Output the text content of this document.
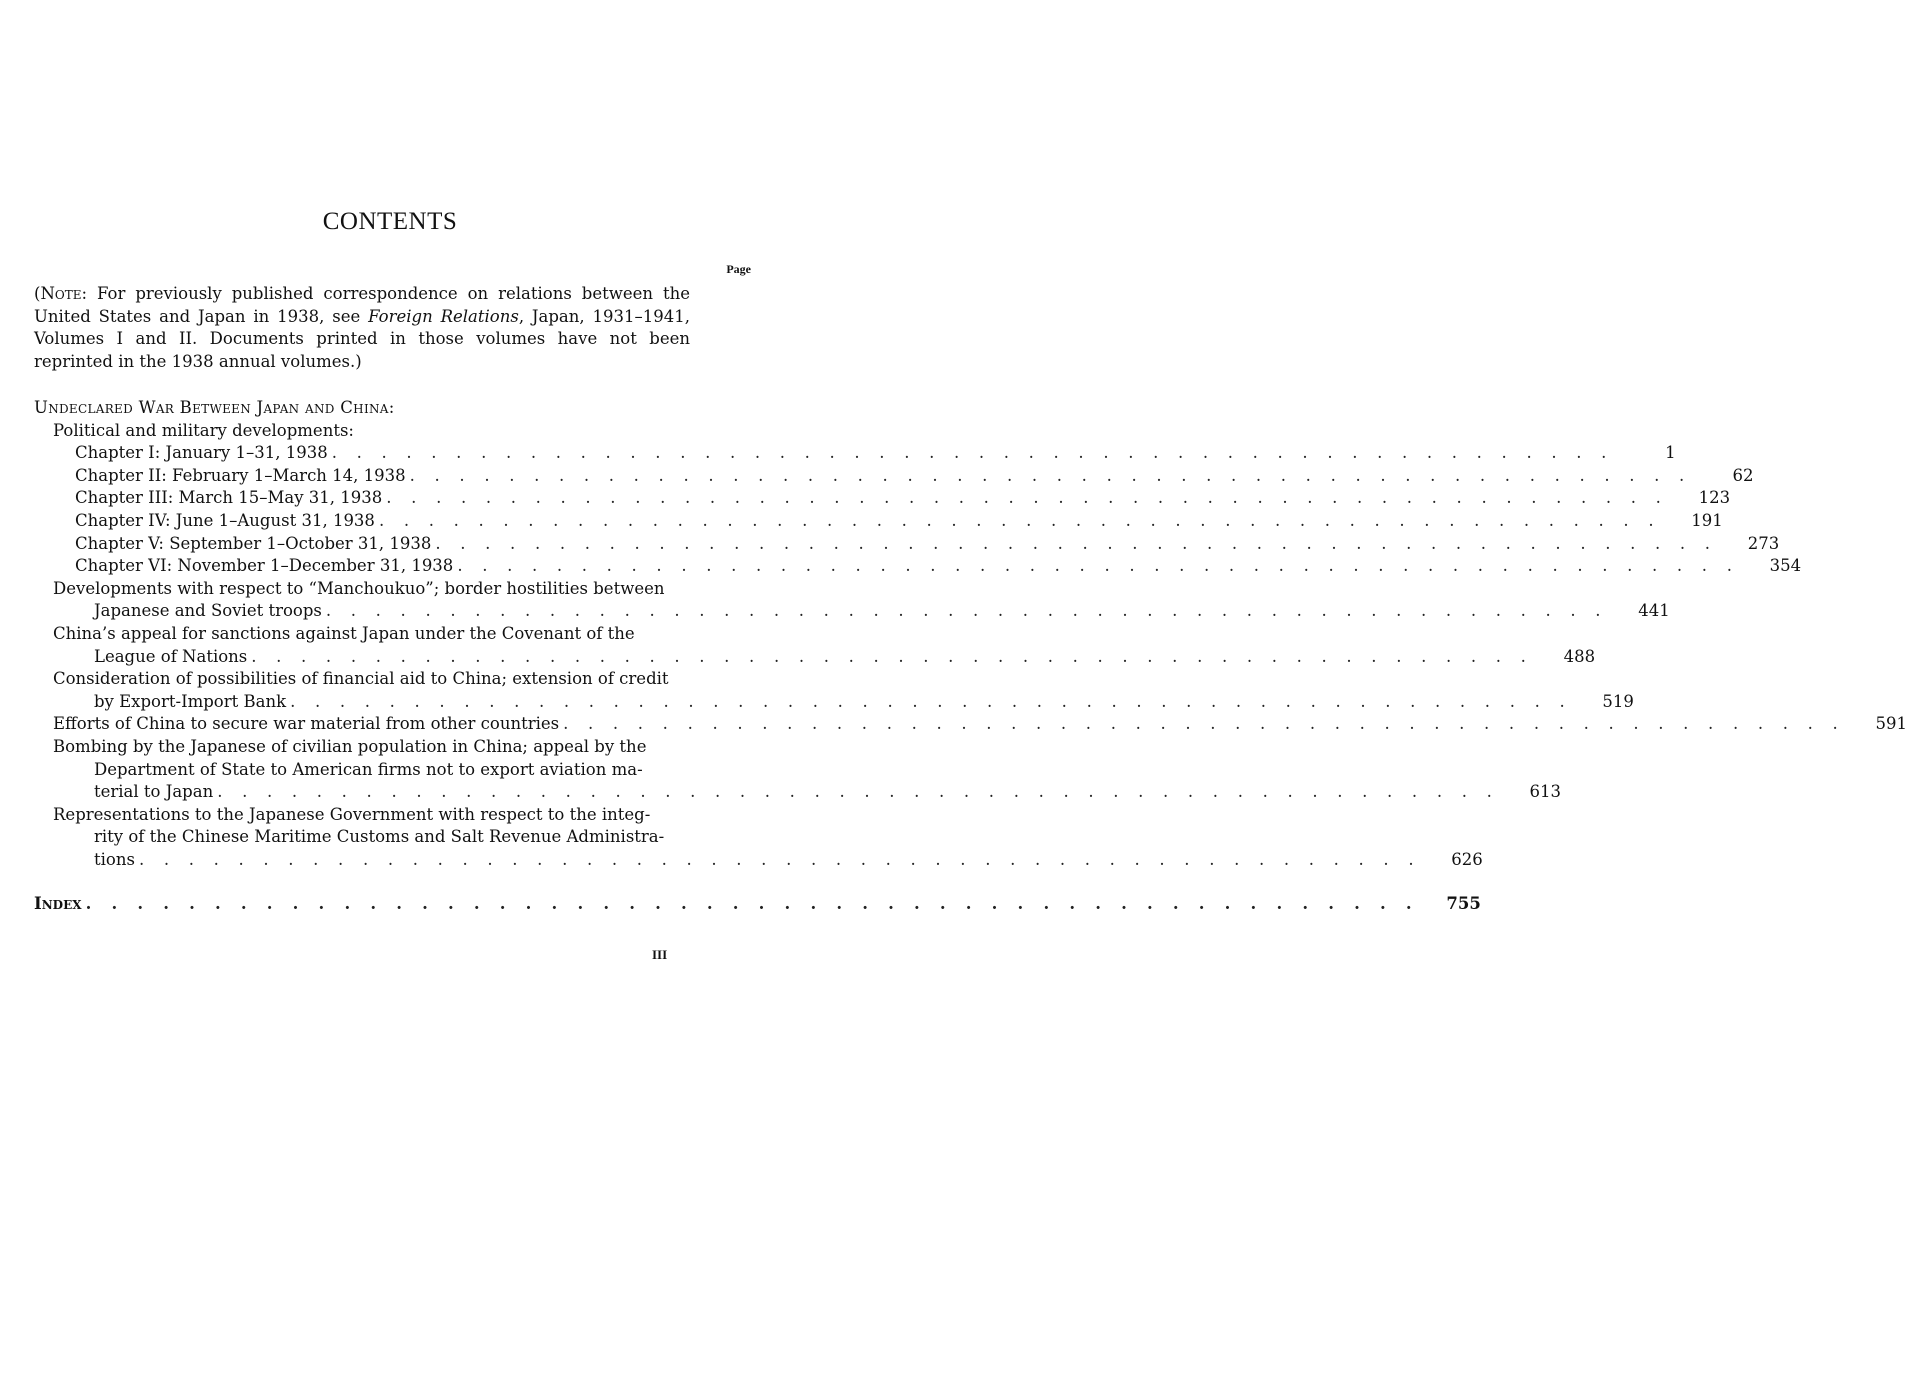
CONTENTS
Page
(Note: For previously published correspondence on relations between the United States and Japan in 1938, see Foreign Relations, Japan, 1931–1941, Volumes I and II. Documents printed in those volumes have not been reprinted in the 1938 annual volumes.)
Undeclared War Between Japan and China:
Political and military developments:
Chapter I: January 1–31, 1938 . . . . . . . . . . . . . . . . . . . . . . . . . . . . . . . . . . . . . . . . . . . . . . . . . . . .	1
Chapter II: February 1–March 14, 1938 . . . . . . . . . . . . . . . . . . . . . . . . . . . . . . . . . . . . . . . . . . . . . . . . . . . .	62
Chapter III: March 15–May 31, 1938 . . . . . . . . . . . . . . . . . . . . . . . . . . . . . . . . . . . . . . . . . . . . . . . . . . . .	123
Chapter IV: June 1–August 31, 1938 . . . . . . . . . . . . . . . . . . . . . . . . . . . . . . . . . . . . . . . . . . . . . . . . . . . .	191
Chapter V: September 1–October 31, 1938 . . . . . . . . . . . . . . . . . . . . . . . . . . . . . . . . . . . . . . . . . . . . . . . . . . . .	273
Chapter VI: November 1–December 31, 1938 . . . . . . . . . . . . . . . . . . . . . . . . . . . . . . . . . . . . . . . . . . . . . . . . . . . .	354
Developments with respect to “Manchoukuo”; border hostilities between
Japanese and Soviet troops . . . . . . . . . . . . . . . . . . . . . . . . . . . . . . . . . . . . . . . . . . . . . . . . . . . .	441
China’s appeal for sanctions against Japan under the Covenant of the
League of Nations . . . . . . . . . . . . . . . . . . . . . . . . . . . . . . . . . . . . . . . . . . . . . . . . . . . .	488
Consideration of possibilities of financial aid to China; extension of credit
by Export-Import Bank . . . . . . . . . . . . . . . . . . . . . . . . . . . . . . . . . . . . . . . . . . . . . . . . . . . .	519
Efforts of China to secure war material from other countries . . . . . . . . . . . . . . . . . . . . . . . . . . . . . . . . . . . . . . . . . . . . . . . . . . . .	591
Bombing by the Japanese of civilian population in China; appeal by the
Department of State to American firms not to export aviation ma-
terial to Japan . . . . . . . . . . . . . . . . . . . . . . . . . . . . . . . . . . . . . . . . . . . . . . . . . . . .	613
Representations to the Japanese Government with respect to the integ-
rity of the Chinese Maritime Customs and Salt Revenue Administra-
tions . . . . . . . . . . . . . . . . . . . . . . . . . . . . . . . . . . . . . . . . . . . . . . . . . . . .	626
Index . . . . . . . . . . . . . . . . . . . . . . . . . . . . . . . . . . . . . . . . . . . . . . . . . . . .	755
III
